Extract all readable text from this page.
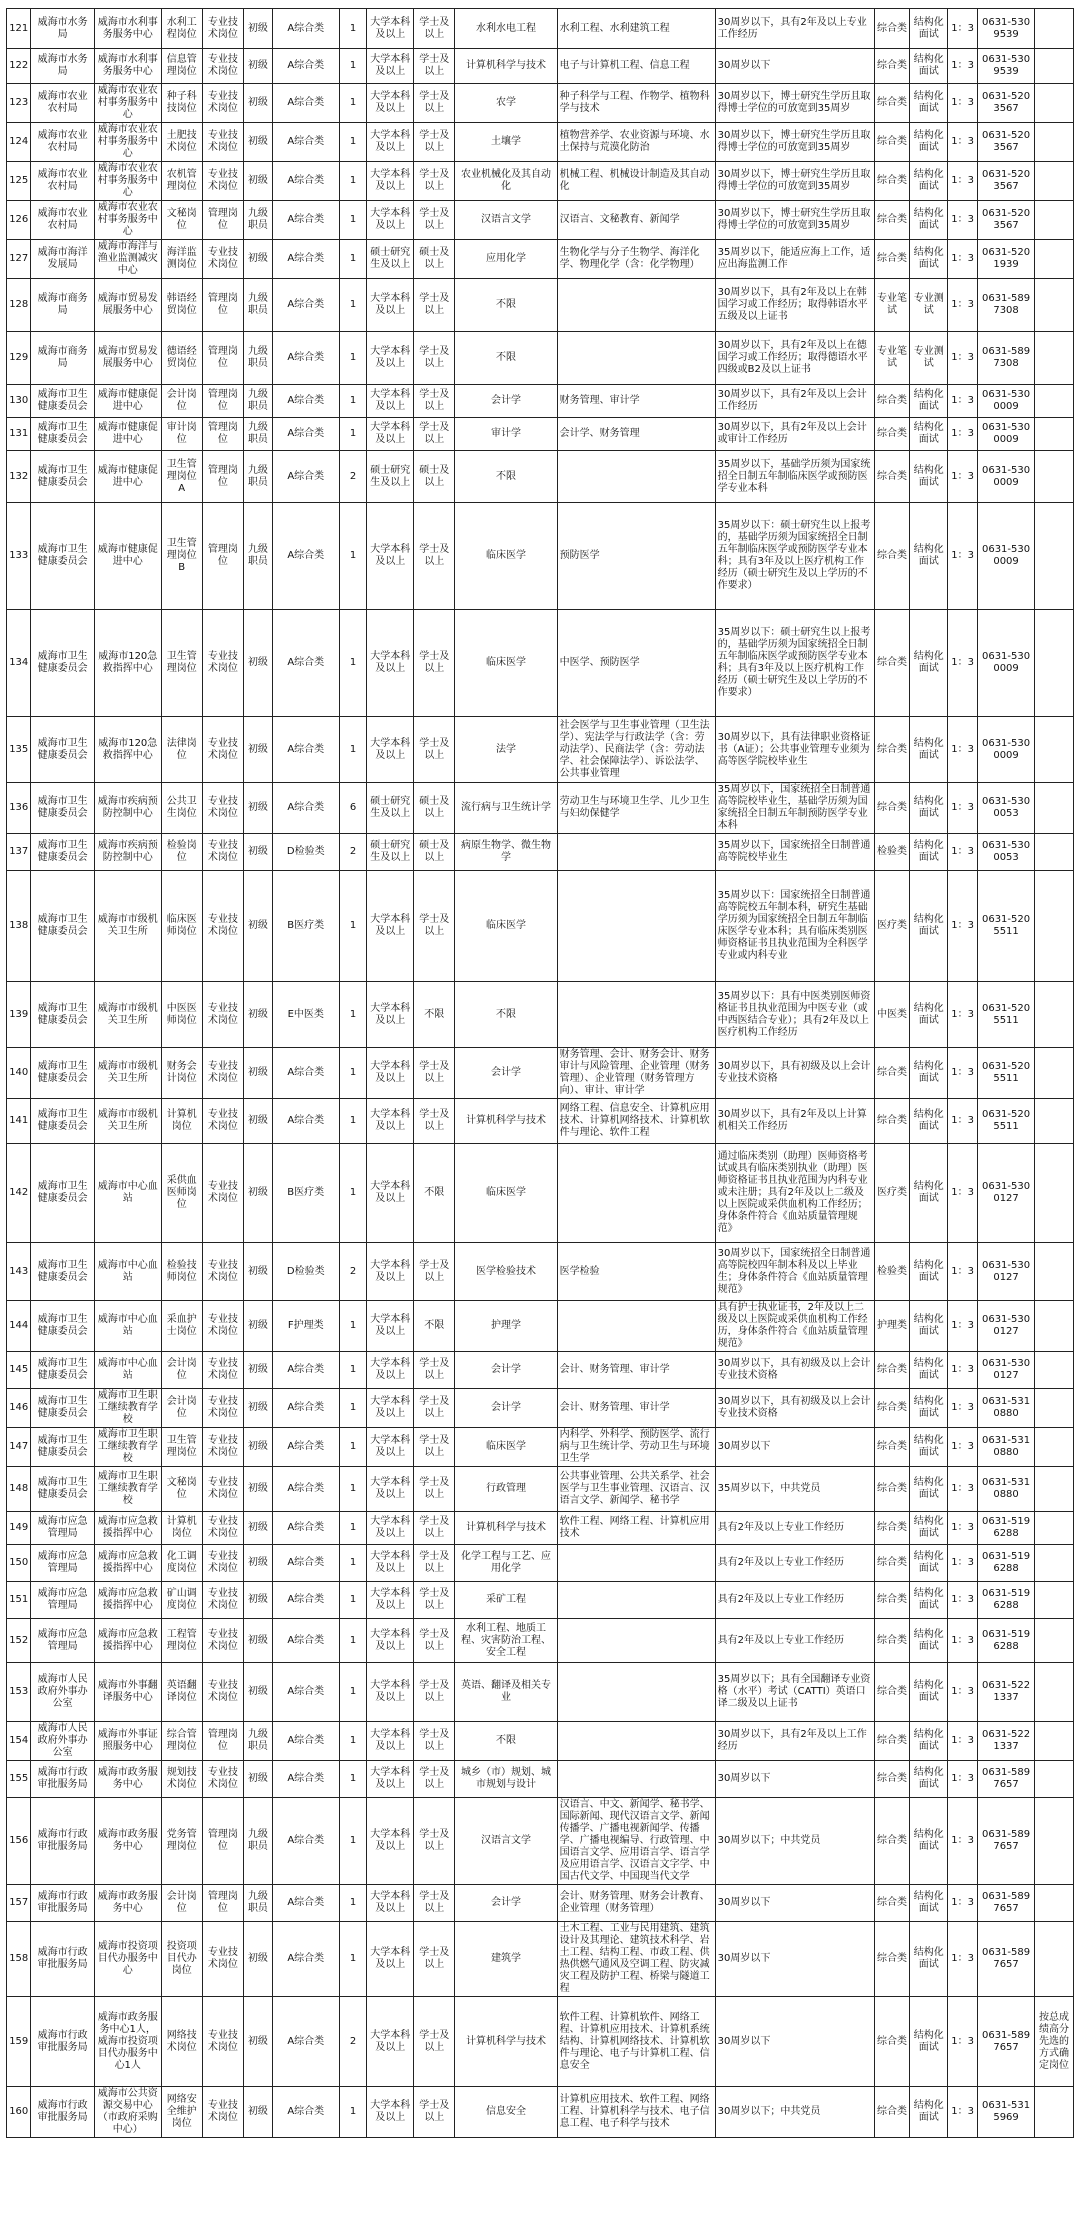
121	威海市水务局	威海市水利事务服务中心	水利工程岗位	专业技术岗位	初级	A综合类	1	大学本科及以上	学士及以上	水利水电工程	水利工程、水利建筑工程	30周岁以下，具有2年及以上专业工作经历	综合类	结构化面试	1：3	0631-5309539	
122	威海市水务局	威海市水利事务服务中心	信息管理岗位	专业技术岗位	初级	A综合类	1	大学本科及以上	学士及以上	计算机科学与技术	电子与计算机工程、信息工程	30周岁以下	综合类	结构化面试	1：3	0631-5309539	
123	威海市农业农村局	威海市农业农村事务服务中心	种子科技岗位	专业技术岗位	初级	A综合类	1	大学本科及以上	学士及以上	农学	种子科学与工程、作物学、植物科学与技术	30周岁以下，博士研究生学历且取得博士学位的可放宽到35周岁	综合类	结构化面试	1：3	0631-5203567	
124	威海市农业农村局	威海市农业农村事务服务中心	土肥技术岗位	专业技术岗位	初级	A综合类	1	大学本科及以上	学士及以上	土壤学	植物营养学、农业资源与环境、水土保持与荒漠化防治	30周岁以下，博士研究生学历且取得博士学位的可放宽到35周岁	综合类	结构化面试	1：3	0631-5203567	
125	威海市农业农村局	威海市农业农村事务服务中心	农机管理岗位	专业技术岗位	初级	A综合类	1	大学本科及以上	学士及以上	农业机械化及其自动化	机械工程、机械设计制造及其自动化	30周岁以下，博士研究生学历且取得博士学位的可放宽到35周岁	综合类	结构化面试	1：3	0631-5203567	
126	威海市农业农村局	威海市农业农村事务服务中心	文秘岗位	管理岗位	九级职员	A综合类	1	大学本科及以上	学士及以上	汉语言文学	汉语言、文秘教育、新闻学	30周岁以下，博士研究生学历且取得博士学位的可放宽到35周岁	综合类	结构化面试	1：3	0631-5203567	
127	威海市海洋发展局	威海市海洋与渔业监测减灾中心	海洋监测岗位	专业技术岗位	初级	A综合类	1	硕士研究生及以上	硕士及以上	应用化学	生物化学与分子生物学、海洋化学、物理化学（含：化学物理）	35周岁以下，能适应海上工作，适应出海监测工作	综合类	结构化面试	1：3	0631-5201939	
128	威海市商务局	威海市贸易发展服务中心	韩语经贸岗位	管理岗位	九级职员	A综合类	1	大学本科及以上	学士及以上	不限		30周岁以下，具有2年及以上在韩国学习或工作经历；取得韩语水平五级及以上证书	专业笔试	专业测试	1：3	0631-5897308	
129	威海市商务局	威海市贸易发展服务中心	德语经贸岗位	管理岗位	九级职员	A综合类	1	大学本科及以上	学士及以上	不限		30周岁以下，具有2年及以上在德国学习或工作经历；取得德语水平四级或B2及以上证书	专业笔试	专业测试	1：3	0631-5897308	
130	威海市卫生健康委员会	威海市健康促进中心	会计岗位	管理岗位	九级职员	A综合类	1	大学本科及以上	学士及以上	会计学	财务管理、审计学	30周岁以下，具有2年及以上会计工作经历	综合类	结构化面试	1：3	0631-5300009	
131	威海市卫生健康委员会	威海市健康促进中心	审计岗位	管理岗位	九级职员	A综合类	1	大学本科及以上	学士及以上	审计学	会计学、财务管理	30周岁以下，具有2年及以上会计或审计工作经历	综合类	结构化面试	1：3	0631-5300009	
132	威海市卫生健康委员会	威海市健康促进中心	卫生管理岗位A	管理岗位	九级职员	A综合类	2	硕士研究生及以上	硕士及以上	不限		35周岁以下，基础学历须为国家统招全日制五年制临床医学或预防医学专业本科	综合类	结构化面试	1：3	0631-5300009	
133	威海市卫生健康委员会	威海市健康促进中心	卫生管理岗位B	管理岗位	九级职员	A综合类	1	大学本科及以上	学士及以上	临床医学	预防医学	35周岁以下：硕士研究生以上报考的，基础学历须为国家统招全日制五年制临床医学或预防医学专业本科；具有3年及以上医疗机构工作经历（硕士研究生及以上学历的不作要求）	综合类	结构化面试	1：3	0631-5300009	
134	威海市卫生健康委员会	威海市120急救指挥中心	卫生管理岗位	专业技术岗位	初级	A综合类	1	大学本科及以上	学士及以上	临床医学	中医学、预防医学	35周岁以下：硕士研究生以上报考的，基础学历须为国家统招全日制五年制临床医学或预防医学专业本科；具有3年及以上医疗机构工作经历（硕士研究生及以上学历的不作要求）	综合类	结构化面试	1：3	0631-5300009	
135	威海市卫生健康委员会	威海市120急救指挥中心	法律岗位	专业技术岗位	初级	A综合类	1	大学本科及以上	学士及以上	法学	社会医学与卫生事业管理（卫生法学）、宪法学与行政法学（含：劳动法学）、民商法学（含：劳动法学、社会保障法学）、诉讼法学、公共事业管理	30周岁以下，具有法律职业资格证书（A证）；公共事业管理专业须为高等医学院校毕业生	综合类	结构化面试	1：3	0631-5300009	
136	威海市卫生健康委员会	威海市疾病预防控制中心	公共卫生岗位	专业技术岗位	初级	A综合类	6	硕士研究生及以上	硕士及以上	流行病与卫生统计学	劳动卫生与环境卫生学、儿少卫生与妇幼保健学	35周岁以下，国家统招全日制普通高等院校毕业生，基础学历须为国家统招全日制五年制预防医学专业本科	综合类	结构化面试	1：3	0631-5300053	
137	威海市卫生健康委员会	威海市疾病预防控制中心	检验岗位	专业技术岗位	初级	D检验类	2	硕士研究生及以上	硕士及以上	病原生物学、微生物学		35周岁以下，国家统招全日制普通高等院校毕业生	检验类	结构化面试	1：3	0631-5300053	
138	威海市卫生健康委员会	威海市市级机关卫生所	临床医师岗位	专业技术岗位	初级	B医疗类	1	大学本科及以上	学士及以上	临床医学		35周岁以下：国家统招全日制普通高等院校五年制本科，研究生基础学历须为国家统招全日制五年制临床医学专业本科；具有临床类别医师资格证书且执业范围为全科医学专业或内科专业	医疗类	结构化面试	1：3	0631-5205511	
139	威海市卫生健康委员会	威海市市级机关卫生所	中医医师岗位	专业技术岗位	初级	E中医类	1	大学本科及以上	不限	不限		35周岁以下：具有中医类别医师资格证书且执业范围为中医专业（或中西医结合专业）；具有2年及以上医疗机构工作经历	中医类	结构化面试	1：3	0631-5205511	
140	威海市卫生健康委员会	威海市市级机关卫生所	财务会计岗位	专业技术岗位	初级	A综合类	1	大学本科及以上	学士及以上	会计学	财务管理、会计、财务会计、财务审计与风险管理、企业管理（财务管理）、企业管理（财务管理方向）、审计、审计学	30周岁以下，具有初级及以上会计专业技术资格	综合类	结构化面试	1：3	0631-5205511	
141	威海市卫生健康委员会	威海市市级机关卫生所	计算机岗位	专业技术岗位	初级	A综合类	1	大学本科及以上	学士及以上	计算机科学与技术	网络工程、信息安全、计算机应用技术、计算机网络技术、计算机软件与理论、软件工程	30周岁以下，具有2年及以上计算机相关工作经历	综合类	结构化面试	1：3	0631-5205511	
142	威海市卫生健康委员会	威海市中心血站	采供血医师岗位	专业技术岗位	初级	B医疗类	1	大学本科及以上	不限	临床医学		通过临床类别（助理）医师资格考试或具有临床类别执业（助理）医师资格证书且执业范围为内科专业或未注册；具有2年及以上二级及以上医院或采供血机构工作经历；身体条件符合《血站质量管理规范》	医疗类	结构化面试	1：3	0631-5300127	
143	威海市卫生健康委员会	威海市中心血站	检验技师岗位	专业技术岗位	初级	D检验类	2	大学本科及以上	学士及以上	医学检验技术	医学检验	30周岁以下，国家统招全日制普通高等院校四年制本科及以上毕业生；身体条件符合《血站质量管理规范》	检验类	结构化面试	1：3	0631-5300127	
144	威海市卫生健康委员会	威海市中心血站	采血护士岗位	专业技术岗位	初级	F护理类	1	大学本科及以上	不限	护理学		具有护士执业证书，2年及以上二级及以上医院或采供血机构工作经历，身体条件符合《血站质量管理规范》	护理类	结构化面试	1：3	0631-5300127	
145	威海市卫生健康委员会	威海市中心血站	会计岗位	专业技术岗位	初级	A综合类	1	大学本科及以上	学士及以上	会计学	会计、财务管理、审计学	30周岁以下，具有初级及以上会计专业技术资格	综合类	结构化面试	1：3	0631-5300127	
146	威海市卫生健康委员会	威海市卫生职工继续教育学校	会计岗位	专业技术岗位	初级	A综合类	1	大学本科及以上	学士及以上	会计学	会计、财务管理、审计学	30周岁以下，具有初级及以上会计专业技术资格	综合类	结构化面试	1：3	0631-5310880	
147	威海市卫生健康委员会	威海市卫生职工继续教育学校	卫生管理岗位	专业技术岗位	初级	A综合类	1	大学本科及以上	学士及以上	临床医学	内科学、外科学、预防医学、流行病与卫生统计学、劳动卫生与环境卫生学	30周岁以下	综合类	结构化面试	1：3	0631-5310880	
148	威海市卫生健康委员会	威海市卫生职工继续教育学校	文秘岗位	专业技术岗位	初级	A综合类	1	大学本科及以上	学士及以上	行政管理	公共事业管理、公共关系学、社会医学与卫生事业管理、汉语言、汉语言文学、新闻学、秘书学	35周岁以下，中共党员	综合类	结构化面试	1：3	0631-5310880	
149	威海市应急管理局	威海市应急救援指挥中心	计算机岗位	专业技术岗位	初级	A综合类	1	大学本科及以上	学士及以上	计算机科学与技术	软件工程、网络工程、计算机应用技术	具有2年及以上专业工作经历	综合类	结构化面试	1：3	0631-5196288	
150	威海市应急管理局	威海市应急救援指挥中心	化工调度岗位	专业技术岗位	初级	A综合类	1	大学本科及以上	学士及以上	化学工程与工艺、应用化学		具有2年及以上专业工作经历	综合类	结构化面试	1：3	0631-5196288	
151	威海市应急管理局	威海市应急救援指挥中心	矿山调度岗位	专业技术岗位	初级	A综合类	1	大学本科及以上	学士及以上	采矿工程		具有2年及以上专业工作经历	综合类	结构化面试	1：3	0631-5196288	
152	威海市应急管理局	威海市应急救援指挥中心	工程管理岗位	专业技术岗位	初级	A综合类	1	大学本科及以上	学士及以上	水利工程、地质工程、灾害防治工程、安全工程		具有2年及以上专业工作经历	综合类	结构化面试	1：3	0631-5196288	
153	威海市人民政府外事办公室	威海市外事翻译服务中心	英语翻译岗位	专业技术岗位	初级	A综合类	1	大学本科及以上	学士及以上	英语、翻译及相关专业		35周岁以下；具有全国翻译专业资格（水平）考试（CATTI）英语口译二级及以上证书	综合类	结构化面试	1：3	0631-5221337	
154	威海市人民政府外事办公室	威海市外事证照服务中心	综合管理岗位	管理岗位	九级职员	A综合类	1	大学本科及以上	学士及以上	不限		30周岁以下，具有2年及以上工作经历	综合类	结构化面试	1：3	0631-5221337	
155	威海市行政审批服务局	威海市政务服务中心	规划技术岗位	专业技术岗位	初级	A综合类	1	大学本科及以上	学士及以上	城乡（市）规划、城市规划与设计		30周岁以下	综合类	结构化面试	1：3	0631-5897657	
156	威海市行政审批服务局	威海市政务服务中心	党务管理岗位	管理岗位	九级职员	A综合类	1	大学本科及以上	学士及以上	汉语言文学	汉语言、中文、新闻学、秘书学、国际新闻、现代汉语言文学、新闻传播学、广播电视新闻学、传播学、广播电视编导、行政管理、中国语言文学、应用语言学、语言学及应用语言学、汉语言文字学、中国古代文学、中国现当代文学	30周岁以下；中共党员	综合类	结构化面试	1：3	0631-5897657	
157	威海市行政审批服务局	威海市政务服务中心	会计岗位	管理岗位	九级职员	A综合类	1	大学本科及以上	学士及以上	会计学	会计、财务管理、财务会计教育、企业管理（财务管理）	30周岁以下	综合类	结构化面试	1：3	0631-5897657	
158	威海市行政审批服务局	威海市投资项目代办服务中心	投资项目代办岗位	专业技术岗位	初级	A综合类	1	大学本科及以上	学士及以上	建筑学	土木工程、工业与民用建筑、建筑设计及其理论、建筑技术科学、岩土工程、结构工程、市政工程、供热供燃气通风及空调工程、防灾减灾工程及防护工程、桥梁与隧道工程	30周岁以下	综合类	结构化面试	1：3	0631-5897657	
159	威海市行政审批服务局	威海市政务服务中心1人，威海市投资项目代办服务中心1人	网络技术岗位	专业技术岗位	初级	A综合类	2	大学本科及以上	学士及以上	计算机科学与技术	软件工程、计算机软件、网络工程、计算机应用技术、计算机系统结构、计算机网络技术、计算机软件与理论、电子与计算机工程、信息安全	30周岁以下	综合类	结构化面试	1：3	0631-5897657	按总成绩高分先选的方式确定岗位
160	威海市行政审批服务局	威海市公共资源交易中心（市政府采购中心）	网络安全维护岗位	专业技术岗位	初级	A综合类	1	大学本科及以上	学士及以上	信息安全	计算机应用技术、软件工程、网络工程、计算机科学与技术、电子信息工程、电子科学与技术	30周岁以下；中共党员	综合类	结构化面试	1：3	0631-5315969	
